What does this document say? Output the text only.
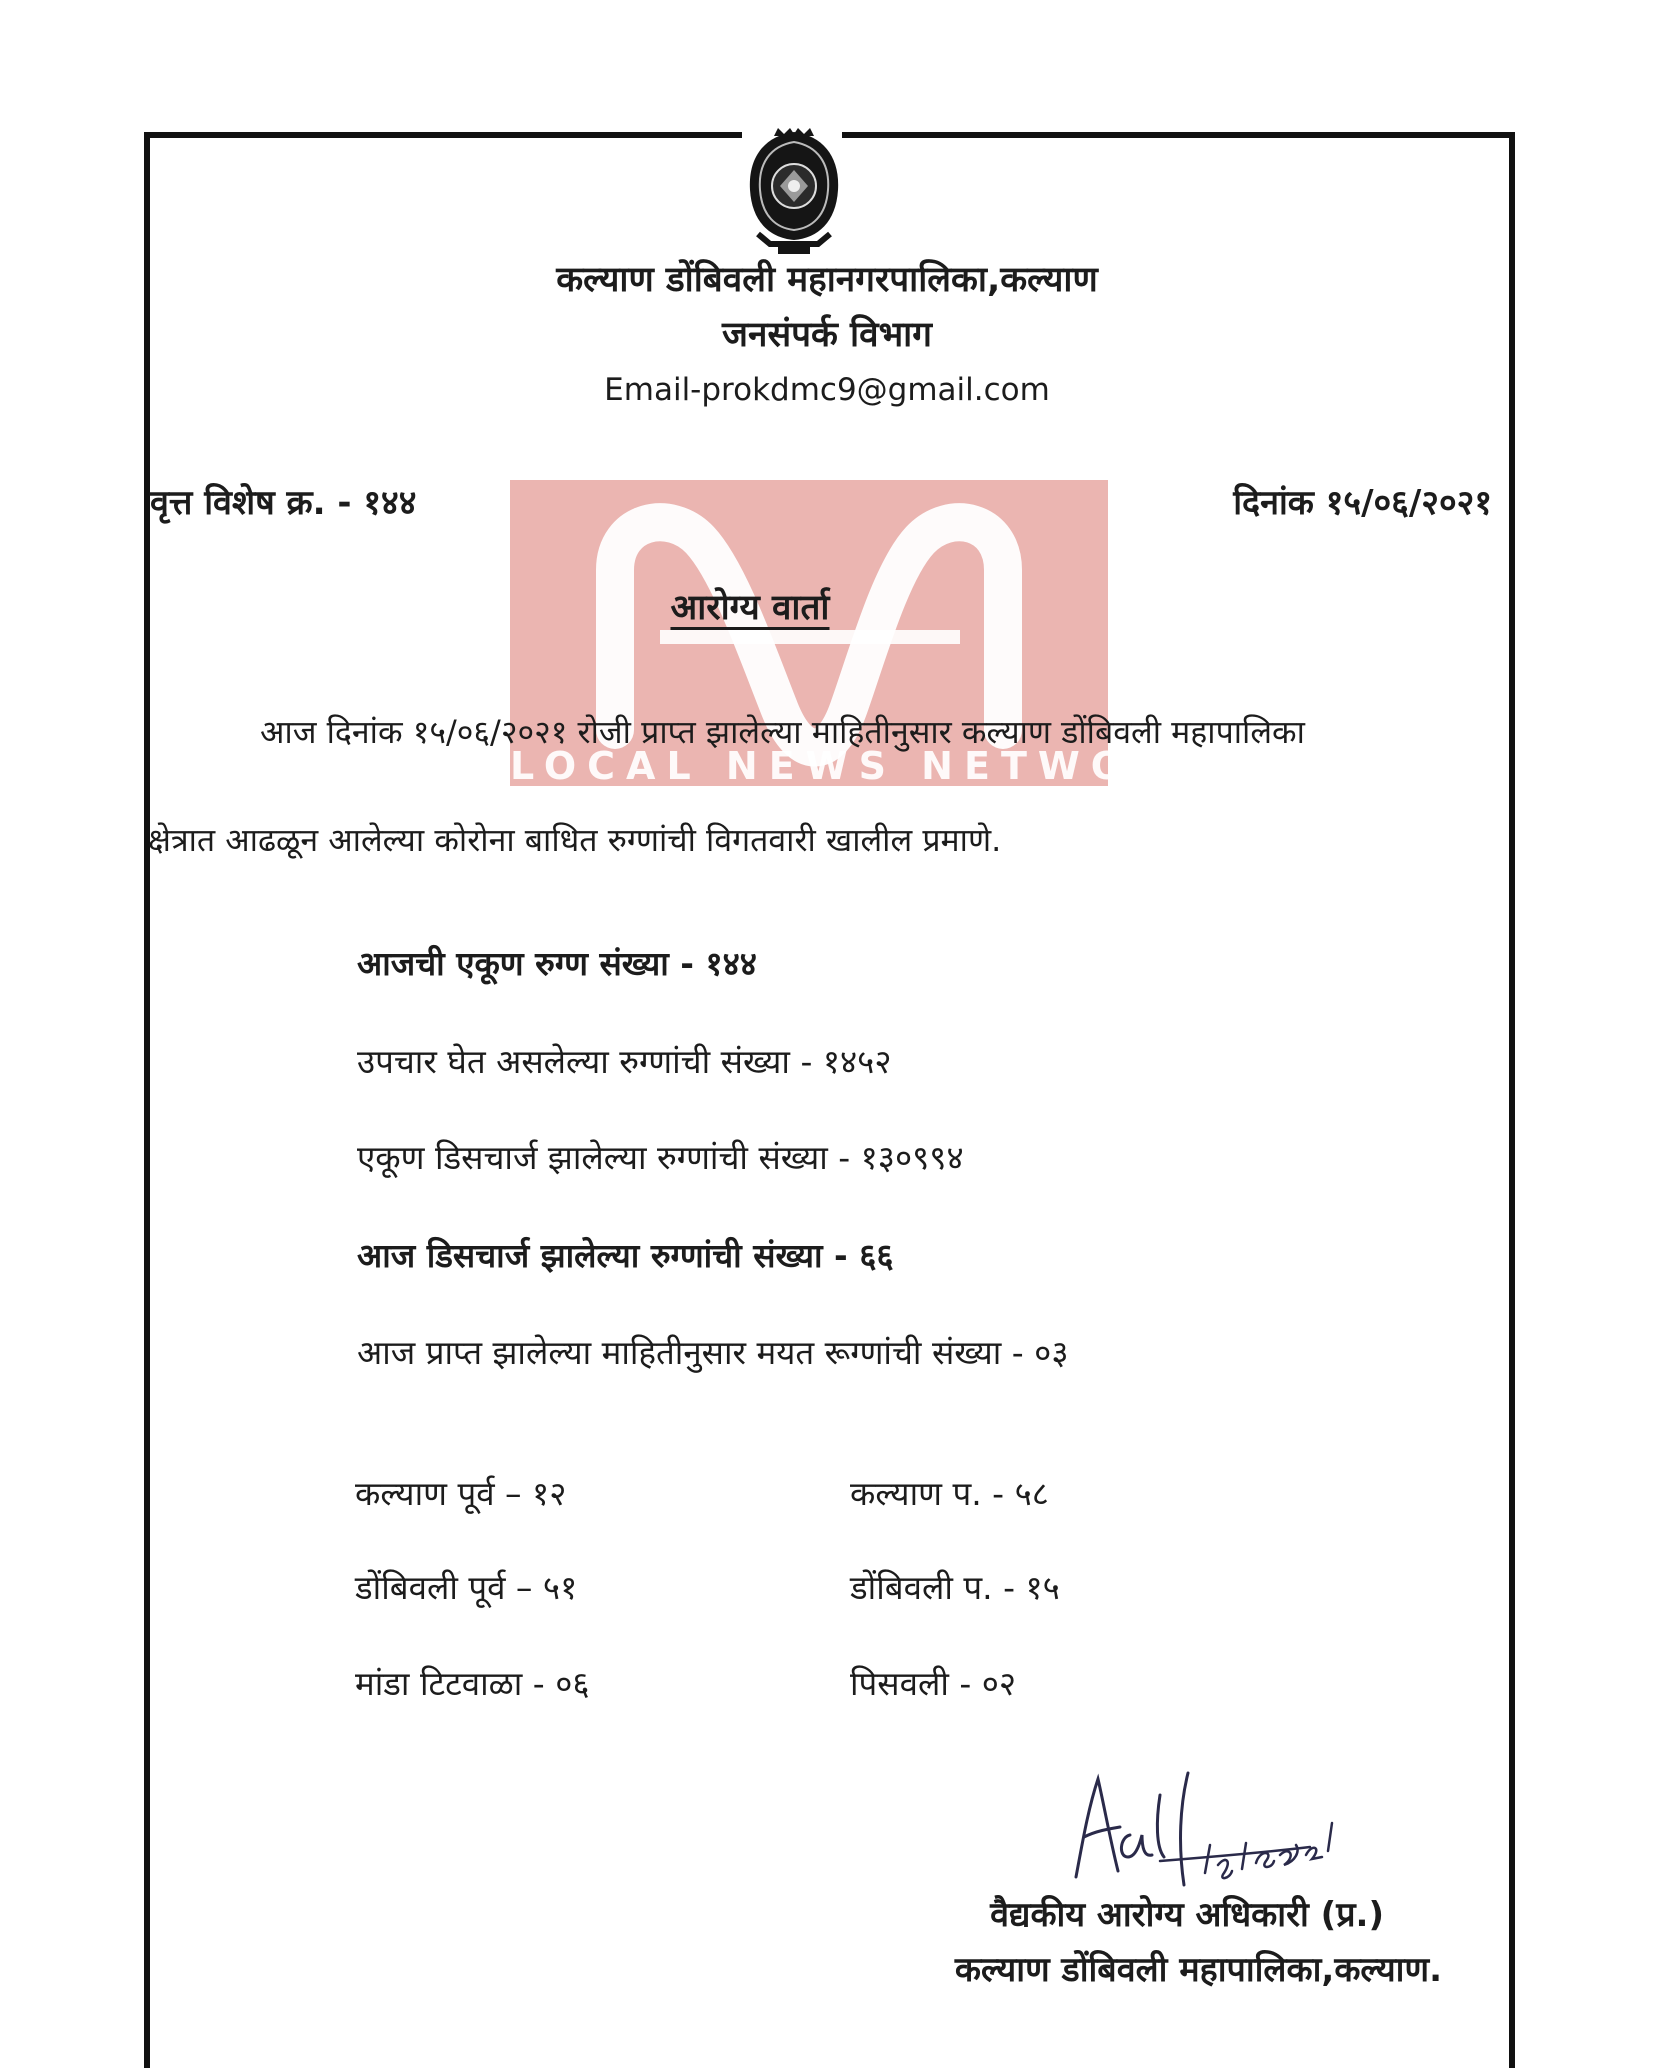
कल्याण डोंबिवली महानगरपालिका,कल्याण
जनसंपर्क विभाग
Email-prokdmc9@gmail.com
LOCAL NEWS NETWORK
वृत्त विशेष क्र. - १४४	दिनांक १५/०६/२०२१
आरोग्य वार्ता
आज दिनांक १५/०६/२०२१ रोजी प्राप्त झालेल्या माहितीनुसार कल्याण डोंबिवली महापालिका
क्षेत्रात आढळून आलेल्या कोरोना बाधित रुग्णांची विगतवारी खालील प्रमाणे.
आजची एकूण रुग्ण संख्या - १४४
उपचार घेत असलेल्या रुग्णांची संख्या - १४५२
एकूण डिसचार्ज झालेल्या रुग्णांची संख्या - १३०९९४
आज डिसचार्ज झालेल्या रुग्णांची संख्या - ६६
आज प्राप्त झालेल्या माहितीनुसार मयत रूग्णांची संख्या - ०३
कल्याण पूर्व – १२	कल्याण प. - ५८
डोंबिवली पूर्व – ५१	डोंबिवली प. - १५
मांडा टिटवाळा - ०६	पिसवली - ०२
वैद्यकीय आरोग्य अधिकारी (प्र.)
कल्याण डोंबिवली महापालिका,कल्याण.
